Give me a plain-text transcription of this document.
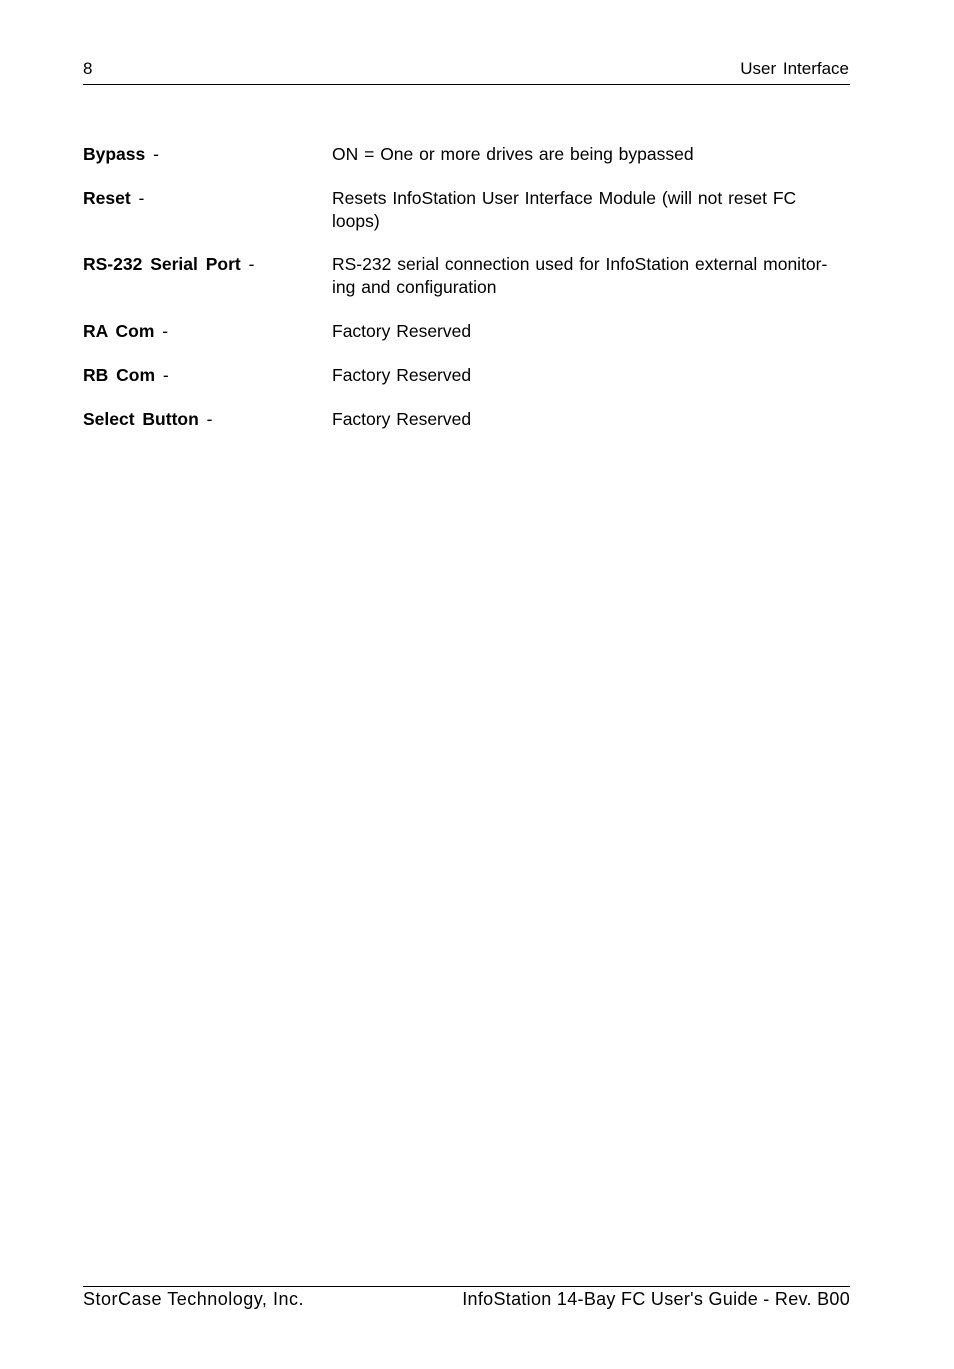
8	User Interface
Bypass -	ON = One or more drives are being bypassed
Reset -	Resets InfoStation User Interface Module (will not reset FC
loops)
RS-232 Serial Port -	RS-232 serial connection used for InfoStation external monitor-
ing and configuration
RA Com -	Factory Reserved
RB Com -	Factory Reserved
Select Button -	Factory Reserved
StorCase Technology, Inc.	InfoStation 14-Bay FC User's Guide - Rev. B00
